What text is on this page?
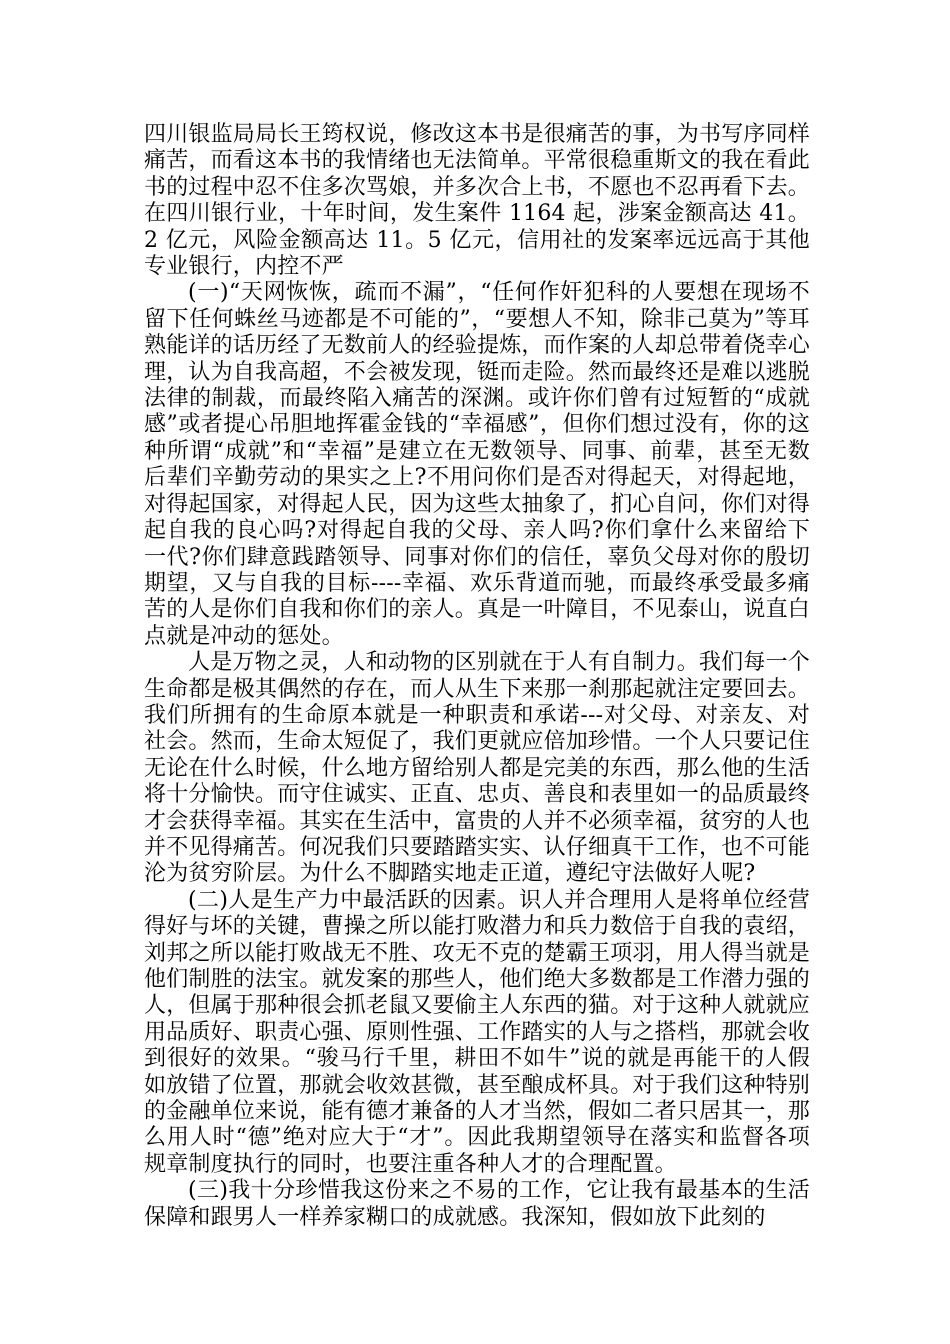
四川银监局局长王筠权说，修改这本书是很痛苦的事，为书写序同样痛苦，而看这本书的我情绪也无法简单。平常很稳重斯文的我在看此书的过程中忍不住多次骂娘，并多次合上书，不愿也不忍再看下去。在四川银行业，十年时间，发生案件 1164 起，涉案金额高达 41。2 亿元，风险金额高达 11。5 亿元，信用社的发案率远远高于其他专业银行，内控不严

(一)“天网恢恢，疏而不漏”，“任何作奸犯科的人要想在现场不留下任何蛛丝马迹都是不可能的”，“要想人不知，除非己莫为”等耳熟能详的话历经了无数前人的经验提炼，而作案的人却总带着侥幸心理，认为自我高超，不会被发现，铤而走险。然而最终还是难以逃脱法律的制裁，而最终陷入痛苦的深渊。或许你们曾有过短暂的“成就感”或者提心吊胆地挥霍金钱的“幸福感”，但你们想过没有，你的这种所谓“成就”和“幸福”是建立在无数领导、同事、前辈，甚至无数后辈们辛勤劳动的果实之上?不用问你们是否对得起天，对得起地，对得起国家，对得起人民，因为这些太抽象了，扪心自问，你们对得起自我的良心吗?对得起自我的父母、亲人吗?你们拿什么来留给下一代?你们肆意践踏领导、同事对你们的信任，辜负父母对你的殷切期望，又与自我的目标----幸福、欢乐背道而驰，而最终承受最多痛苦的人是你们自我和你们的亲人。真是一叶障目，不见泰山，说直白点就是冲动的惩处。

人是万物之灵，人和动物的区别就在于人有自制力。我们每一个生命都是极其偶然的存在，而人从生下来那一刹那起就注定要回去。我们所拥有的生命原本就是一种职责和承诺---对父母、对亲友、对社会。然而，生命太短促了，我们更就应倍加珍惜。一个人只要记住无论在什么时候，什么地方留给别人都是完美的东西，那么他的生活将十分愉快。而守住诚实、正直、忠贞、善良和表里如一的品质最终才会获得幸福。其实在生活中，富贵的人并不必须幸福，贫穷的人也并不见得痛苦。何况我们只要踏踏实实、认仔细真干工作，也不可能沦为贫穷阶层。为什么不脚踏实地走正道，遵纪守法做好人呢?

(二)人是生产力中最活跃的因素。识人并合理用人是将单位经营得好与坏的关键，曹操之所以能打败潜力和兵力数倍于自我的袁绍，刘邦之所以能打败战无不胜、攻无不克的楚霸王项羽，用人得当就是他们制胜的法宝。就发案的那些人，他们绝大多数都是工作潜力强的人，但属于那种很会抓老鼠又要偷主人东西的猫。对于这种人就就应用品质好、职责心强、原则性强、工作踏实的人与之搭档，那就会收到很好的效果。“骏马行千里，耕田不如牛”说的就是再能干的人假如放错了位置，那就会收效甚微，甚至酿成杯具。对于我们这种特别的金融单位来说，能有德才兼备的人才当然，假如二者只居其一，那么用人时“德”绝对应大于“才”。因此我期望领导在落实和监督各项规章制度执行的同时，也要注重各种人才的合理配置。

(三)我十分珍惜我这份来之不易的工作，它让我有最基本的生活保障和跟男人一样养家糊口的成就感。我深知，假如放下此刻的
